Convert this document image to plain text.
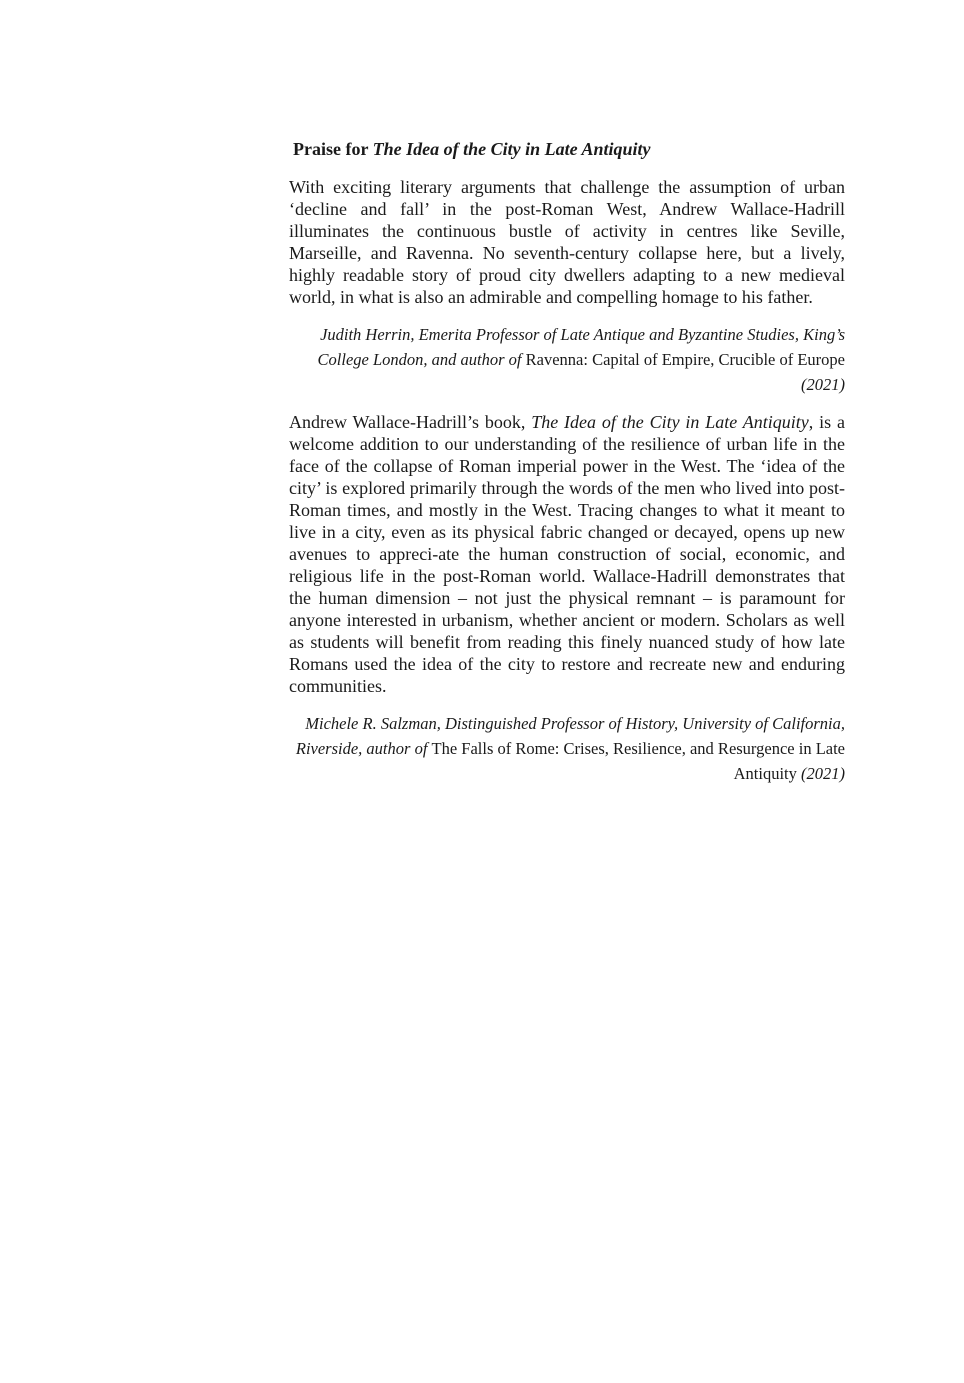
Praise for The Idea of the City in Late Antiquity

With exciting literary arguments that challenge the assumption of urban ‘decline and fall’ in the post-Roman West, Andrew Wallace-Hadrill illuminates the continuous bustle of activity in centres like Seville, Marseille, and Ravenna. No seventh-century collapse here, but a lively, highly readable story of proud city dwellers adapting to a new medieval world, in what is also an admirable and compelling homage to his father.

Judith Herrin, Emerita Professor of Late Antique and Byzantine Studies, King’s College London, and author of Ravenna: Capital of Empire, Crucible of Europe (2021)

Andrew Wallace-Hadrill’s book, The Idea of the City in Late Antiquity, is a welcome addition to our understanding of the resilience of urban life in the face of the collapse of Roman imperial power in the West. The ‘idea of the city’ is explored primarily through the words of the men who lived into post-Roman times, and mostly in the West. Tracing changes to what it meant to live in a city, even as its physical fabric changed or decayed, opens up new avenues to appreci-ate the human construction of social, economic, and religious life in the post-Roman world. Wallace-Hadrill demonstrates that the human dimension – not just the physical remnant – is paramount for anyone interested in urbanism, whether ancient or modern. Scholars as well as students will benefit from reading this finely nuanced study of how late Romans used the idea of the city to restore and recreate new and enduring communities.

Michele R. Salzman, Distinguished Professor of History, University of California, Riverside, author of The Falls of Rome: Crises, Resilience, and Resurgence in Late Antiquity (2021)
